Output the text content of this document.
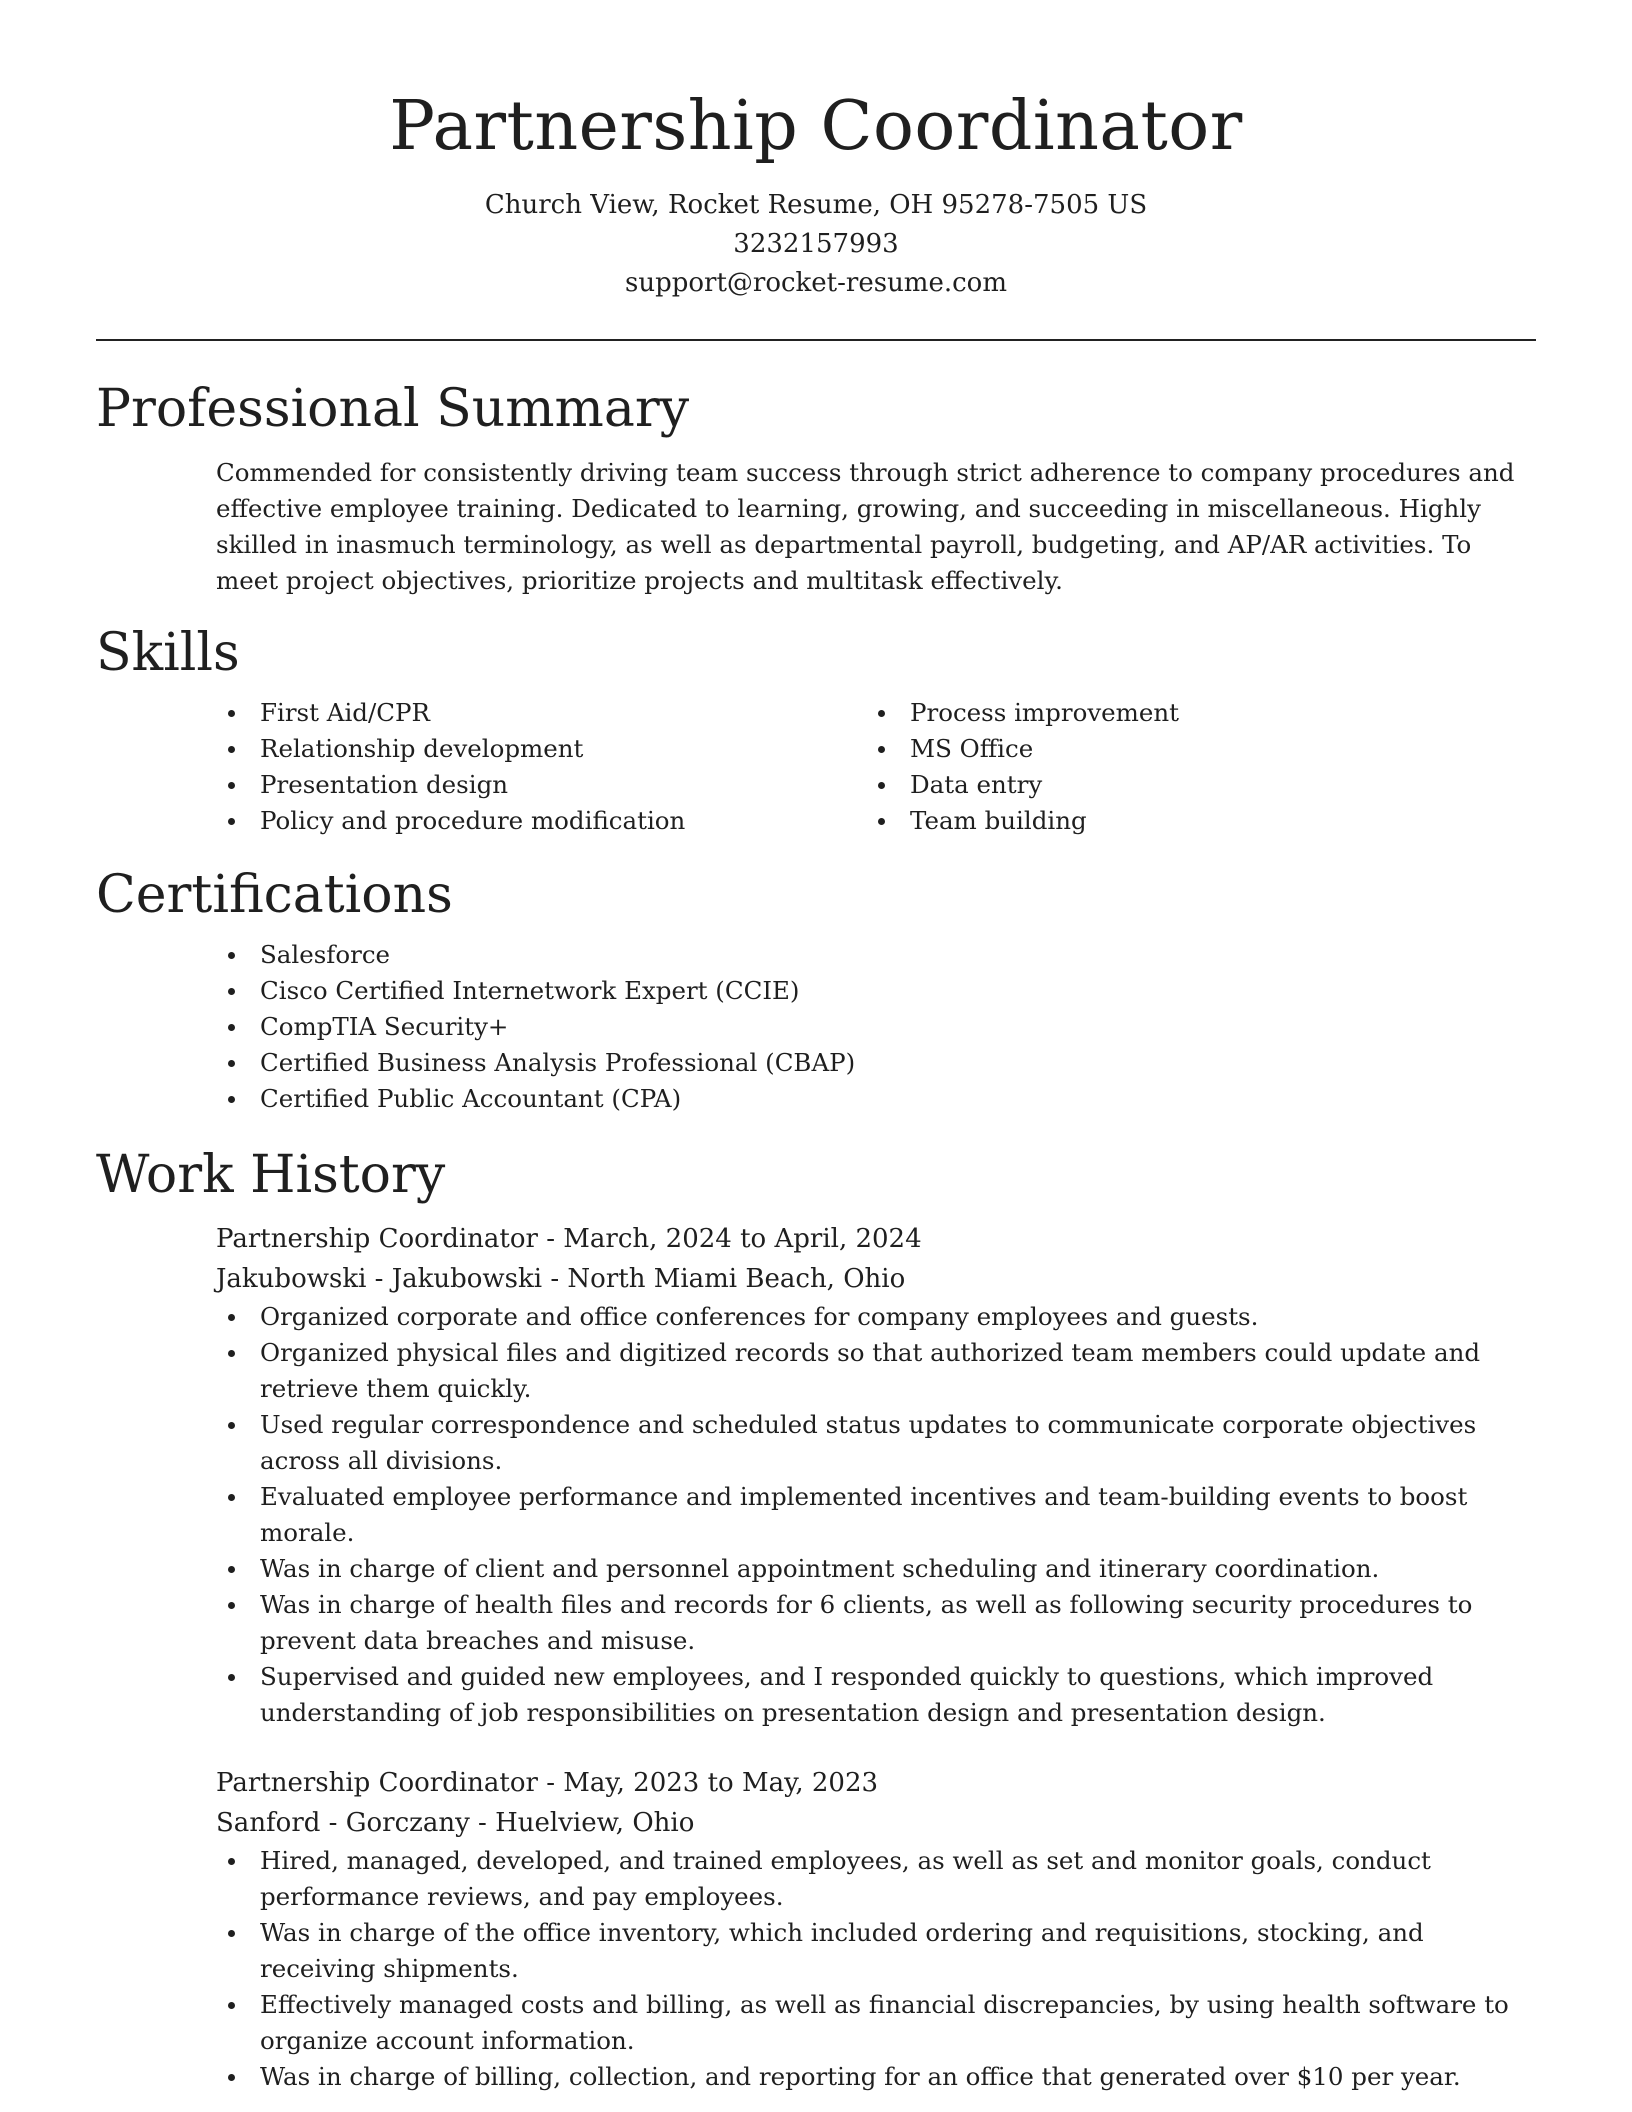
Partnership Coordinator
Church View, Rocket Resume, OH 95278-7505 US
3232157993
support@rocket-resume.com
Professional Summary

Commended for consistently driving team success through strict adherence to company procedures and effective employee training. Dedicated to learning, growing, and succeeding in miscellaneous. Highly skilled in inasmuch terminology, as well as departmental payroll, budgeting, and AP/AR activities. To meet project objectives, prioritize projects and multitask effectively.

Skills
First Aid/CPR
Relationship development
Presentation design
Policy and procedure modification
Process improvement
MS Office
Data entry
Team building
Certifications
Salesforce
Cisco Certified Internetwork Expert (CCIE)
CompTIA Security+
Certified Business Analysis Professional (CBAP)
Certified Public Accountant (CPA)
Work History
Partnership Coordinator - March, 2024 to April, 2024
Jakubowski - Jakubowski - North Miami Beach, Ohio
Organized corporate and office conferences for company employees and guests.
Organized physical files and digitized records so that authorized team members could update and retrieve them quickly.
Used regular correspondence and scheduled status updates to communicate corporate objectives across all divisions.
Evaluated employee performance and implemented incentives and team-building events to boost morale.
Was in charge of client and personnel appointment scheduling and itinerary coordination.
Was in charge of health files and records for 6 clients, as well as following security procedures to prevent data breaches and misuse.
Supervised and guided new employees, and I responded quickly to questions, which improved understanding of job responsibilities on presentation design and presentation design.
Partnership Coordinator - May, 2023 to May, 2023
Sanford - Gorczany - Huelview, Ohio
Hired, managed, developed, and trained employees, as well as set and monitor goals, conduct performance reviews, and pay employees.
Was in charge of the office inventory, which included ordering and requisitions, stocking, and receiving shipments.
Effectively managed costs and billing, as well as financial discrepancies, by using health software to organize account information.
Was in charge of billing, collection, and reporting for an office that generated over $10 per year.
